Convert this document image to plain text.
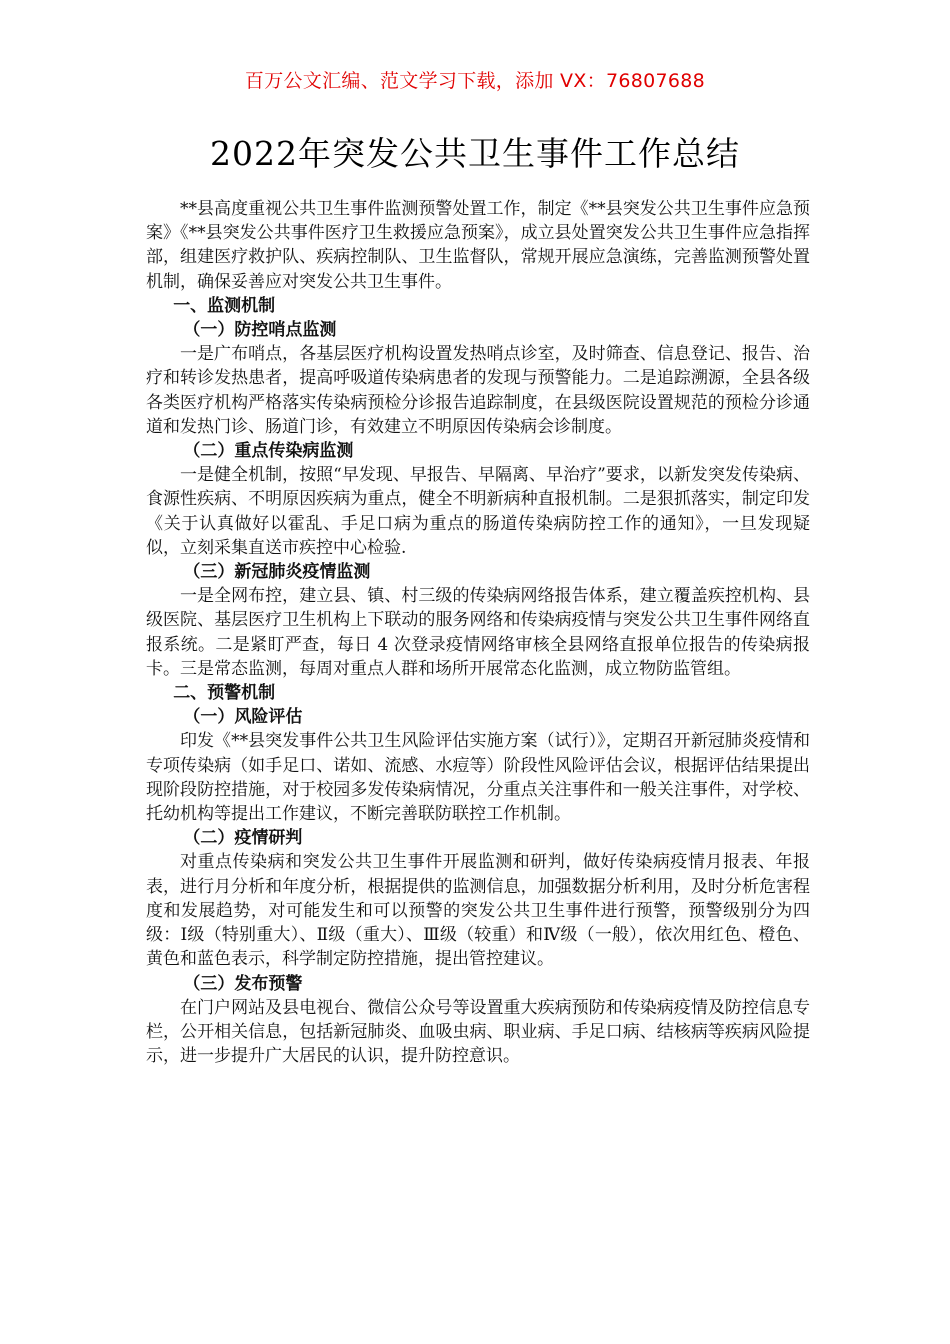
百万公文汇编、范文学习下载，添加 VX：76807688
2022年突发公共卫生事件工作总结

**县高度重视公共卫生事件监测预警处置工作，制定《**县突发公共卫生事件应急预案》《**县突发公共事件医疗卫生救援应急预案》，成立县处置突发公共卫生事件应急指挥部，组建医疗救护队、疾病控制队、卫生监督队，常规开展应急演练，完善监测预警处置机制，确保妥善应对突发公共卫生事件。

一、监测机制
（一）防控哨点监测

一是广布哨点，各基层医疗机构设置发热哨点诊室，及时筛查、信息登记、报告、治疗和转诊发热患者，提高呼吸道传染病患者的发现与预警能力。二是追踪溯源，全县各级各类医疗机构严格落实传染病预检分诊报告追踪制度，在县级医院设置规范的预检分诊通道和发热门诊、肠道门诊，有效建立不明原因传染病会诊制度。

（二）重点传染病监测

一是健全机制，按照“早发现、早报告、早隔离、早治疗”要求，以新发突发传染病、食源性疾病、不明原因疾病为重点，健全不明新病种直报机制。二是狠抓落实，制定印发《关于认真做好以霍乱、手足口病为重点的肠道传染病防控工作的通知》，一旦发现疑似，立刻采集直送市疾控中心检验.

（三）新冠肺炎疫情监测

一是全网布控，建立县、镇、村三级的传染病网络报告体系，建立覆盖疾控机构、县级医院、基层医疗卫生机构上下联动的服务网络和传染病疫情与突发公共卫生事件网络直报系统。二是紧盯严查，每日 4 次登录疫情网络审核全县网络直报单位报告的传染病报卡。三是常态监测，每周对重点人群和场所开展常态化监测，成立物防监管组。

二、预警机制
（一）风险评估

印发《**县突发事件公共卫生风险评估实施方案（试行）》，定期召开新冠肺炎疫情和专项传染病（如手足口、诺如、流感、水痘等）阶段性风险评估会议，根据评估结果提出现阶段防控措施，对于校园多发传染病情况，分重点关注事件和一般关注事件，对学校、托幼机构等提出工作建议，不断完善联防联控工作机制。

（二）疫情研判

对重点传染病和突发公共卫生事件开展监测和研判，做好传染病疫情月报表、年报表，进行月分析和年度分析，根据提供的监测信息，加强数据分析利用，及时分析危害程度和发展趋势，对可能发生和可以预警的突发公共卫生事件进行预警，预警级别分为四级：Ⅰ级（特别重大）、Ⅱ级（重大）、Ⅲ级（较重）和Ⅳ级（一般），依次用红色、橙色、黄色和蓝色表示，科学制定防控措施，提出管控建议。

（三）发布预警

在门户网站及县电视台、微信公众号等设置重大疾病预防和传染病疫情及防控信息专栏，公开相关信息，包括新冠肺炎、血吸虫病、职业病、手足口病、结核病等疾病风险提示，进一步提升广大居民的认识，提升防控意识。
